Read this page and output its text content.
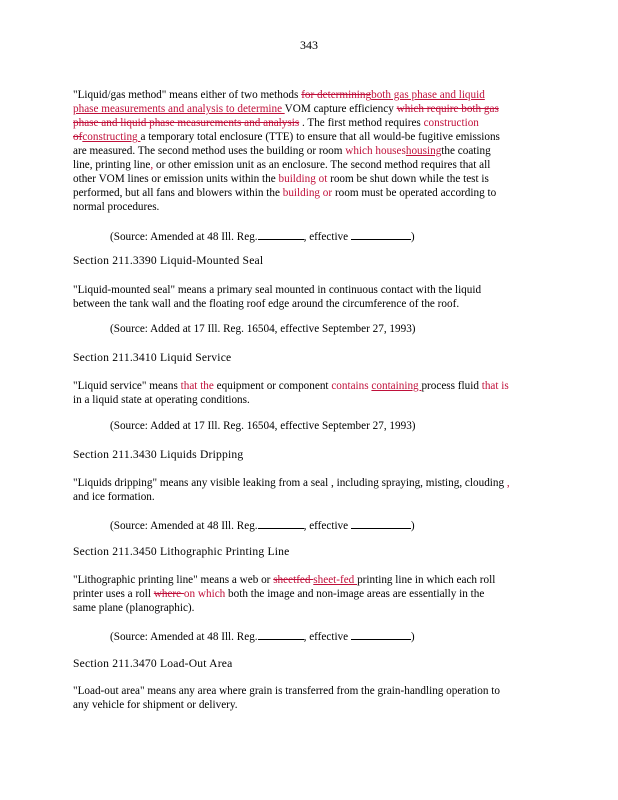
343
"Liquid/gas method" means either of two methods for determiningboth gas phase and liquid
phase measurements and analysis to determine VOM capture efficiency which require both gas
phase and liquid phase measurements and analysis . The first method requires construction
ofconstructing a temporary total enclosure (TTE) to ensure that all would-be fugitive emissions
are measured. The second method uses the building or room which houseshousingthe coating
line, printing line, or other emission unit as an enclosure. The second method requires that all
other VOM lines or emission units within the building ot room be shut down while the test is
performed, but all fans and blowers within the building or room must be operated according to
normal procedures.
(Source: Amended at 48 Ill. Reg.	, effective	)
Section 211.3390 Liquid-Mounted Seal
"Liquid-mounted seal" means a primary seal mounted in continuous contact with the liquid
between the tank wall and the floating roof edge around the circumference of the roof.
(Source: Added at 17 Ill. Reg. 16504, effective September 27, 1993)
Section 211.3410 Liquid Service
"Liquid service" means that the equipment or component contains containing process fluid that is
in a liquid state at operating conditions.
(Source: Added at 17 Ill. Reg. 16504, effective September 27, 1993)
Section 211.3430 Liquids Dripping
"Liquids dripping" means any visible leaking from a seal , including spraying, misting, clouding ,
and ice formation.
(Source: Amended at 48 Ill. Reg.	, effective	)
Section 211.3450 Lithographic Printing Line
"Lithographic printing line" means a web or sheetfed sheet-fed printing line in which each roll
printer uses a roll where on which both the image and non-image areas are essentially in the
same plane (planographic).
(Source: Amended at 48 Ill. Reg.	, effective	)
Section 211.3470 Load-Out Area
"Load-out area" means any area where grain is transferred from the grain-handling operation to
any vehicle for shipment or delivery.
